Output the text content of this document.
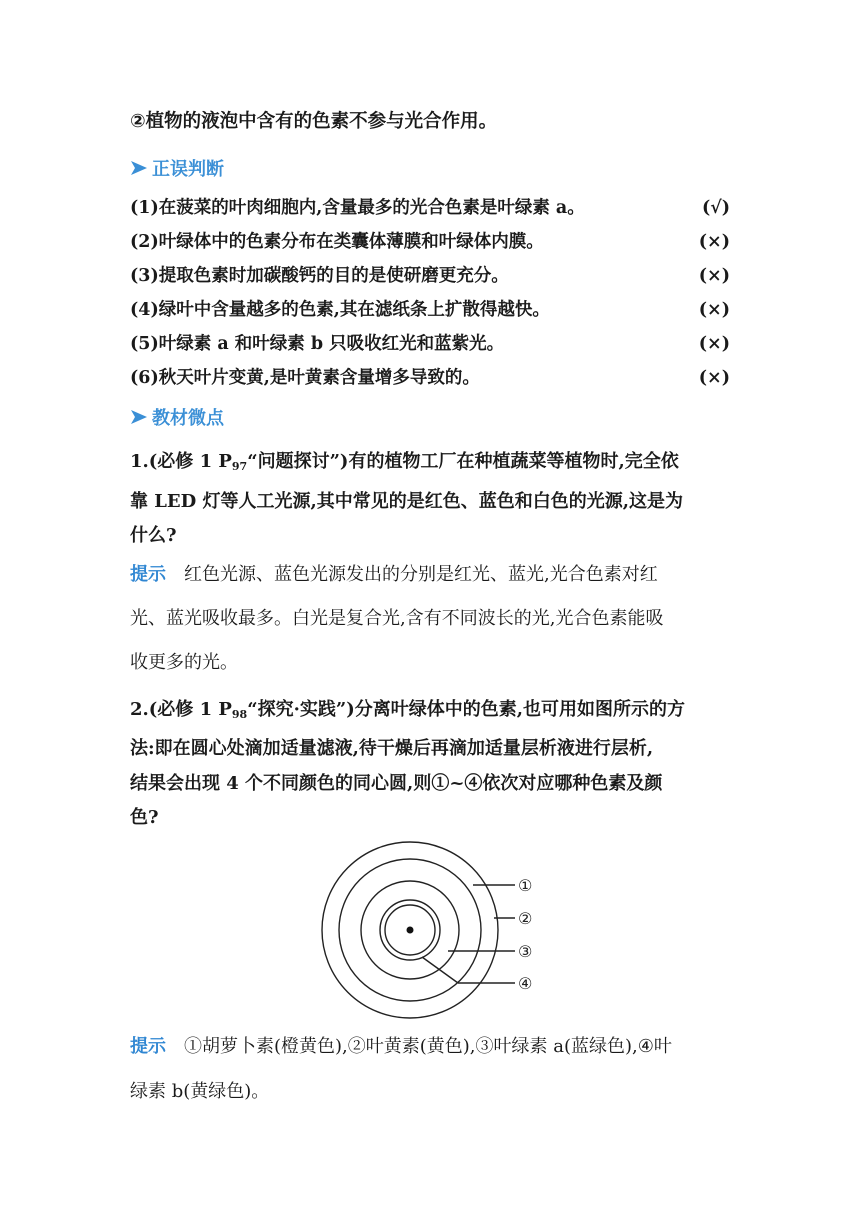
②植物的液泡中含有的色素不参与光合作用。
正误判断
(1)在菠菜的叶肉细胞内,含量最多的光合色素是叶绿素 a。	(√)
(2)叶绿体中的色素分布在类囊体薄膜和叶绿体内膜。	(×)
(3)提取色素时加碳酸钙的目的是使研磨更充分。	(×)
(4)绿叶中含量越多的色素,其在滤纸条上扩散得越快。	(×)
(5)叶绿素 a 和叶绿素 b 只吸收红光和蓝紫光。	(×)
(6)秋天叶片变黄,是叶黄素含量增多导致的。	(×)
教材微点
1.(必修 1 $P_{97}“$问题探讨”)有的植物工厂在种植蔬菜等植物时,完全依
靠 LED 灯等人工光源,其中常见的是红色、蓝色和白色的光源,这是为
什么?
提示 红色光源、蓝色光源发出的分别是红光、蓝光,光合色素对红
光、蓝光吸收最多。白光是复合光,含有不同波长的光,光合色素能吸
收更多的光。
2.(必修 1 $P_{98}“$探究·实践”)分离叶绿体中的色素,也可用如图所示的方
法:即在圆心处滴加适量滤液,待干燥后再滴加适量层析液进行层析,
结果会出现 4 个不同颜色的同心圆,则①~④依次对应哪种色素及颜
色?
①
②
③
④
提示 ①胡萝卜素(橙黄色),②叶黄素(黄色),③叶绿素 a(蓝绿色),④叶
绿素 b(黄绿色)。
